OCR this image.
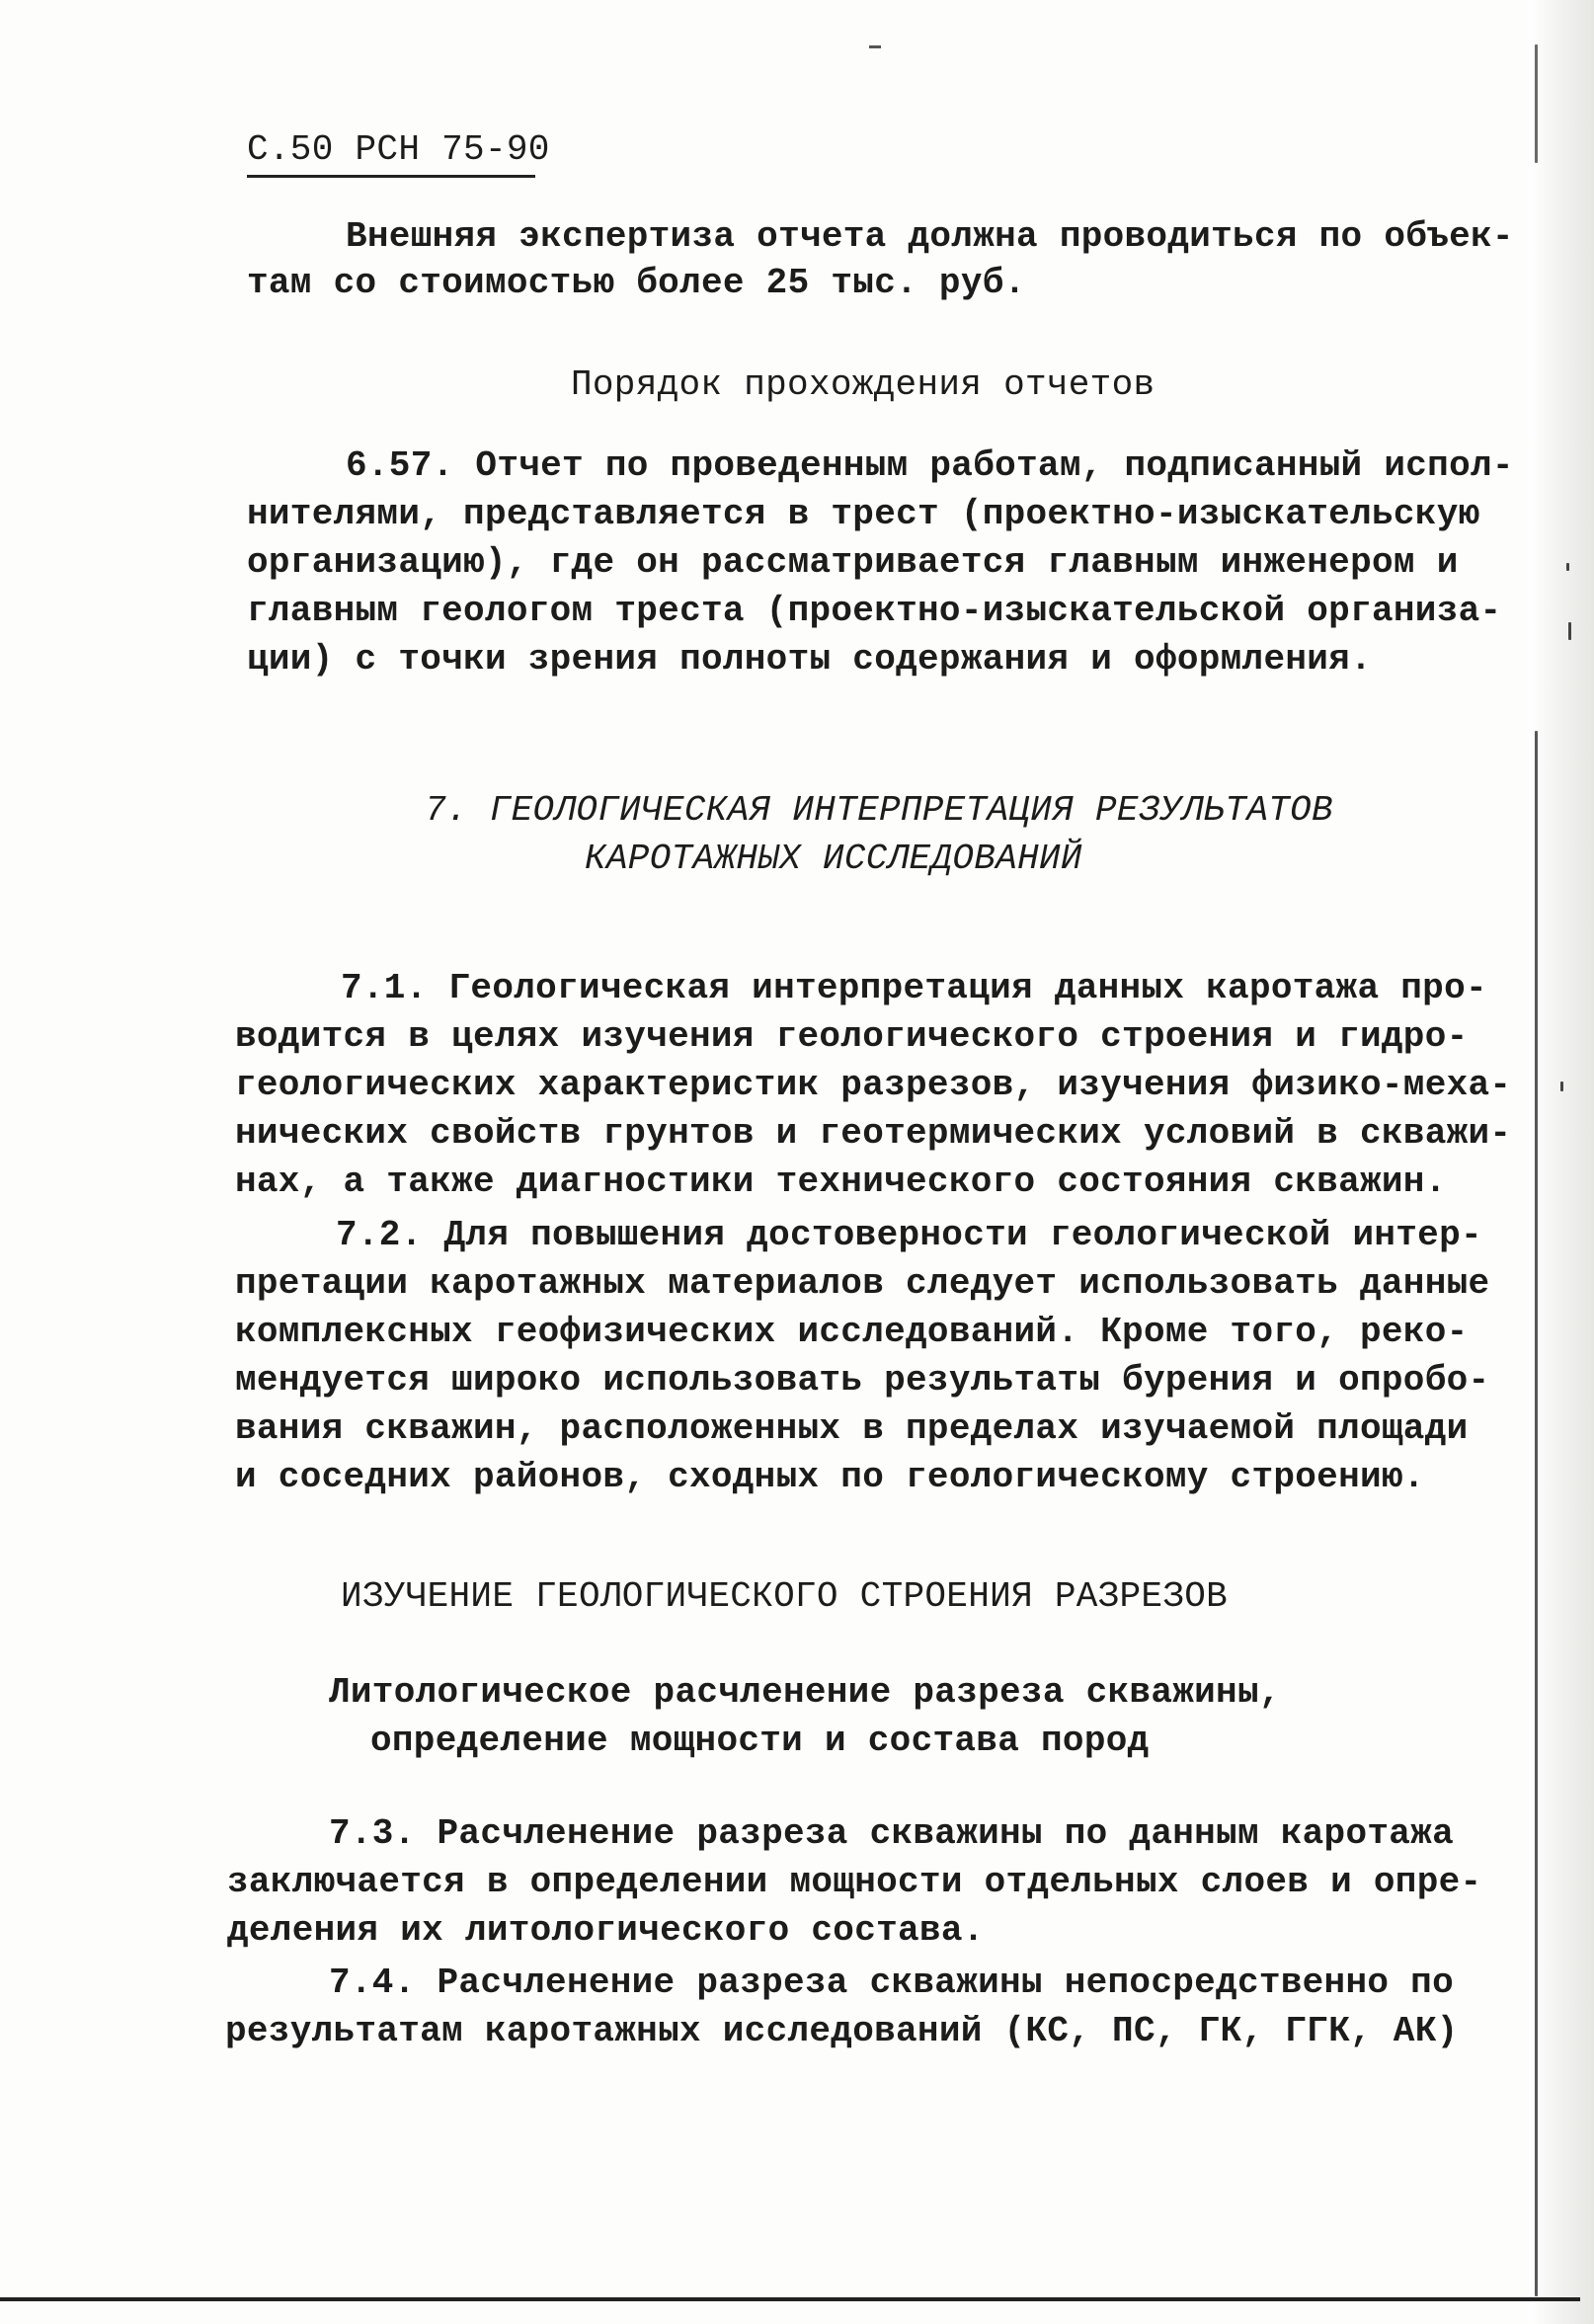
С.50 РСН 75-90
Внешняя экспертиза отчета должна проводиться по объек-
там со стоимостью более 25 тыс. руб.
Порядок прохождения отчетов
6.57. Отчет по проведенным работам, подписанный испол-
нителями, представляется в трест (проектно-изыскательскую
организацию), где он рассматривается главным инженером и
главным геологом треста (проектно-изыскательской организа-
ции) с точки зрения полноты содержания и оформления.
7. ГЕОЛОГИЧЕСКАЯ ИНТЕРПРЕТАЦИЯ РЕЗУЛЬТАТОВ
КАРОТАЖНЫХ ИССЛЕДОВАНИЙ
7.1. Геологическая интерпретация данных каротажа про-
водится в целях изучения геологического строения и гидро-
геологических характеристик разрезов, изучения физико-меха-
нических свойств грунтов и геотермических условий в скважи-
нах, а также диагностики технического состояния скважин.
7.2. Для повышения достоверности геологической интер-
претации каротажных материалов следует использовать данные
комплексных геофизических исследований. Кроме того, реко-
мендуется широко использовать результаты бурения и опробо-
вания скважин, расположенных в пределах изучаемой площади
и соседних районов, сходных по геологическому строению.
ИЗУЧЕНИЕ ГЕОЛОГИЧЕСКОГО СТРОЕНИЯ РАЗРЕЗОВ
Литологическое расчленение разреза скважины,
определение мощности и состава пород
7.3. Расчленение разреза скважины по данным каротажа
заключается в определении мощности отдельных слоев и опре-
деления их литологического состава.
7.4. Расчленение разреза скважины непосредственно по
результатам каротажных исследований (КС, ПС, ГК, ГГК, АК)
